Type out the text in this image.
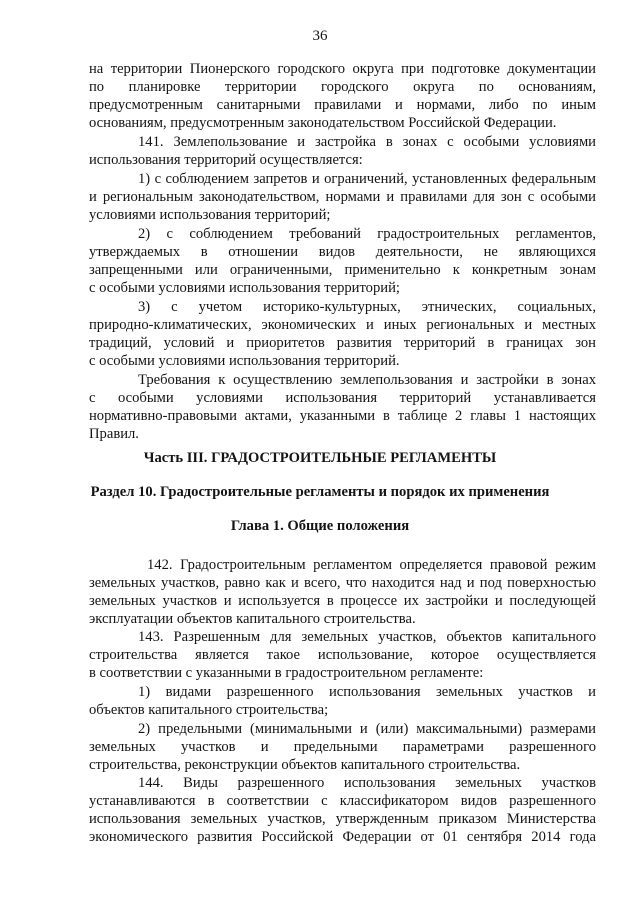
36
на территории Пионерского городского округа при подготовке документации
по планировке территории городского округа по основаниям,
предусмотренным санитарными правилами и нормами, либо по иным
основаниям, предусмотренным законодательством Российской Федерации.
141. Землепользование и застройка в зонах с особыми условиями
использования территорий осуществляется:
1) с соблюдением запретов и ограничений, установленных федеральным
и региональным законодательством, нормами и правилами для зон с особыми
условиями использования территорий;
2) с соблюдением требований градостроительных регламентов,
утверждаемых в отношении видов деятельности, не являющихся
запрещенными или ограниченными, применительно к конкретным зонам
с особыми условиями использования территорий;
3) с учетом историко-культурных, этнических, социальных,
природно-климатических, экономических и иных региональных и местных
традиций, условий и приоритетов развития территорий в границах зон
с особыми условиями использования территорий.
Требования к осуществлению землепользования и застройки в зонах
с особыми условиями использования территорий устанавливается
нормативно-правовыми актами, указанными в таблице 2 главы 1 настоящих
Правил.
Часть III. ГРАДОСТРОИТЕЛЬНЫЕ РЕГЛАМЕНТЫ
Раздел 10. Градостроительные регламенты и порядок их применения
Глава 1. Общие положения
142. Градостроительным регламентом определяется правовой режим
земельных участков, равно как и всего, что находится над и под поверхностью
земельных участков и используется в процессе их застройки и последующей
эксплуатации объектов капитального строительства.
143. Разрешенным для земельных участков, объектов капитального
строительства является такое использование, которое осуществляется
в соответствии с указанными в градостроительном регламенте:
1) видами разрешенного использования земельных участков и
объектов капитального строительства;
2) предельными (минимальными и (или) максимальными) размерами
земельных участков и предельными параметрами разрешенного
строительства, реконструкции объектов капитального строительства.
144. Виды разрешенного использования земельных участков
устанавливаются в соответствии с классификатором видов разрешенного
использования земельных участков, утвержденным приказом Министерства
экономического развития Российской Федерации от 01 сентября 2014 года
